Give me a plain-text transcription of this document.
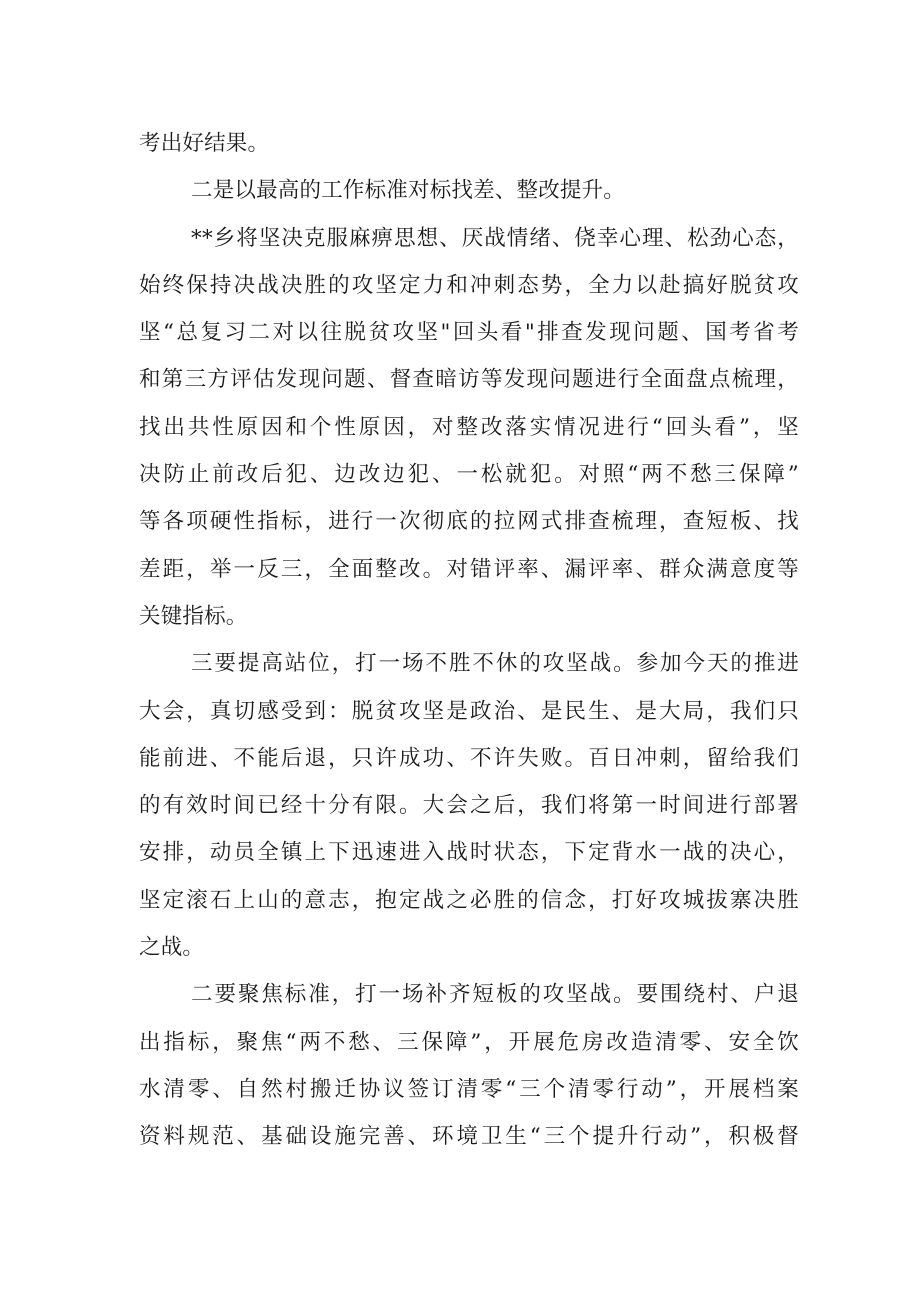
考出好结果。
二是以最高的工作标准对标找差、整改提升。
**乡将坚决克服麻痹思想、厌战情绪、侥幸心理、松劲心态，
始终保持决战决胜的攻坚定力和冲刺态势，全力以赴搞好脱贫攻
坚“总复习二对以往脱贫攻坚"回头看"排查发现问题、国考省考
和第三方评估发现问题、督查暗访等发现问题进行全面盘点梳理，
找出共性原因和个性原因，对整改落实情况进行“回头看”，坚
决防止前改后犯、边改边犯、一松就犯。对照“两不愁三保障”
等各项硬性指标，进行一次彻底的拉网式排查梳理，查短板、找
差距，举一反三，全面整改。对错评率、漏评率、群众满意度等
关键指标。
三要提高站位，打一场不胜不休的攻坚战。参加今天的推进
大会，真切感受到：脱贫攻坚是政治、是民生、是大局，我们只
能前进、不能后退，只许成功、不许失败。百日冲刺，留给我们
的有效时间已经十分有限。大会之后，我们将第一时间进行部署
安排，动员全镇上下迅速进入战时状态，下定背水一战的决心，
坚定滚石上山的意志，抱定战之必胜的信念，打好攻城拔寨决胜
之战。
二要聚焦标准，打一场补齐短板的攻坚战。要围绕村、户退
出指标，聚焦“两不愁、三保障”，开展危房改造清零、安全饮
水清零、自然村搬迁协议签订清零“三个清零行动”，开展档案
资料规范、基础设施完善、环境卫生“三个提升行动”，积极督
